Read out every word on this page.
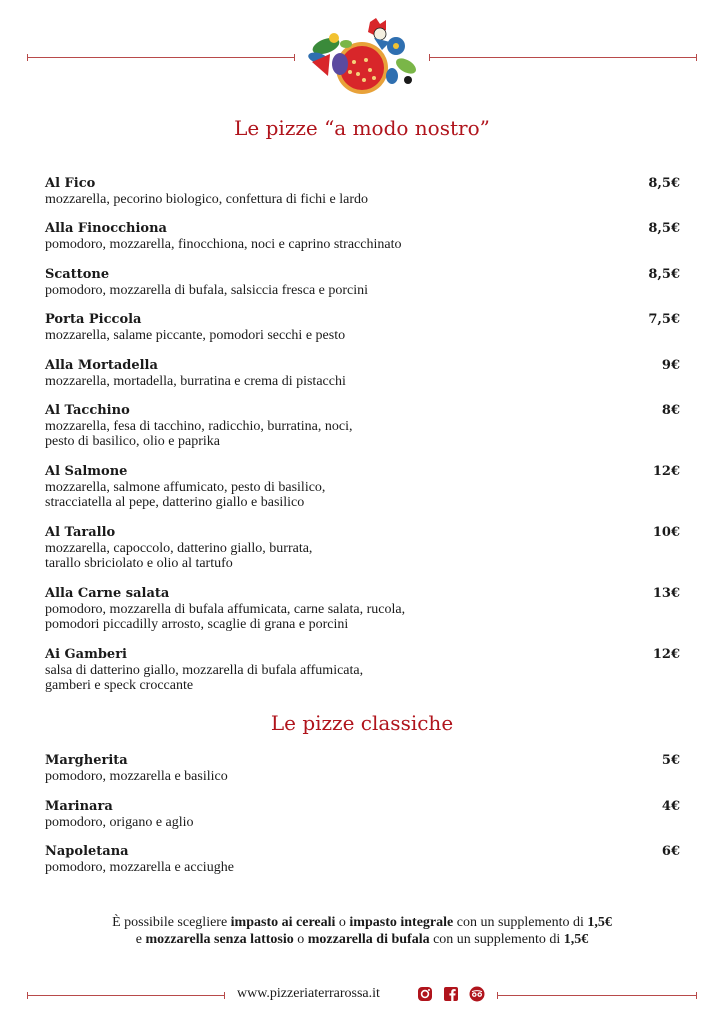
Le pizze “a modo nostro”
Al Fico
mozzarella, pecorino biologico, confettura di fichi e lardo
8,5€
Alla Finocchiona
pomodoro, mozzarella, finocchiona, noci e caprino stracchinato
8,5€
Scattone
pomodoro, mozzarella di bufala, salsiccia fresca e porcini
8,5€
Porta Piccola
mozzarella, salame piccante, pomodori secchi e pesto
7,5€
Alla Mortadella
mozzarella, mortadella, burratina e crema di pistacchi
9€
Al Tacchino
mozzarella, fesa di tacchino, radicchio, burratina, noci,
pesto di basilico, olio e paprika
8€
Al Salmone
mozzarella, salmone affumicato, pesto di basilico,
stracciatella al pepe, datterino giallo e basilico
12€
Al Tarallo
mozzarella, capoccolo, datterino giallo, burrata,
tarallo sbriciolato e olio al tartufo
10€
Alla Carne salata
pomodoro, mozzarella di bufala affumicata, carne salata, rucola,
pomodori piccadilly arrosto, scaglie di grana e porcini
13€
Ai Gamberi
salsa di datterino giallo, mozzarella di bufala affumicata,
gamberi e speck croccante
12€
Le pizze classiche
Margherita
pomodoro, mozzarella e basilico
5€
Marinara
pomodoro, origano e aglio
4€
Napoletana
pomodoro, mozzarella e acciughe
6€
È possibile scegliere impasto ai cereali o impasto integrale con un supplemento di 1,5€
e mozzarella senza lattosio o mozzarella di bufala con un supplemento di 1,5€
www.pizzeriaterrarossa.it
